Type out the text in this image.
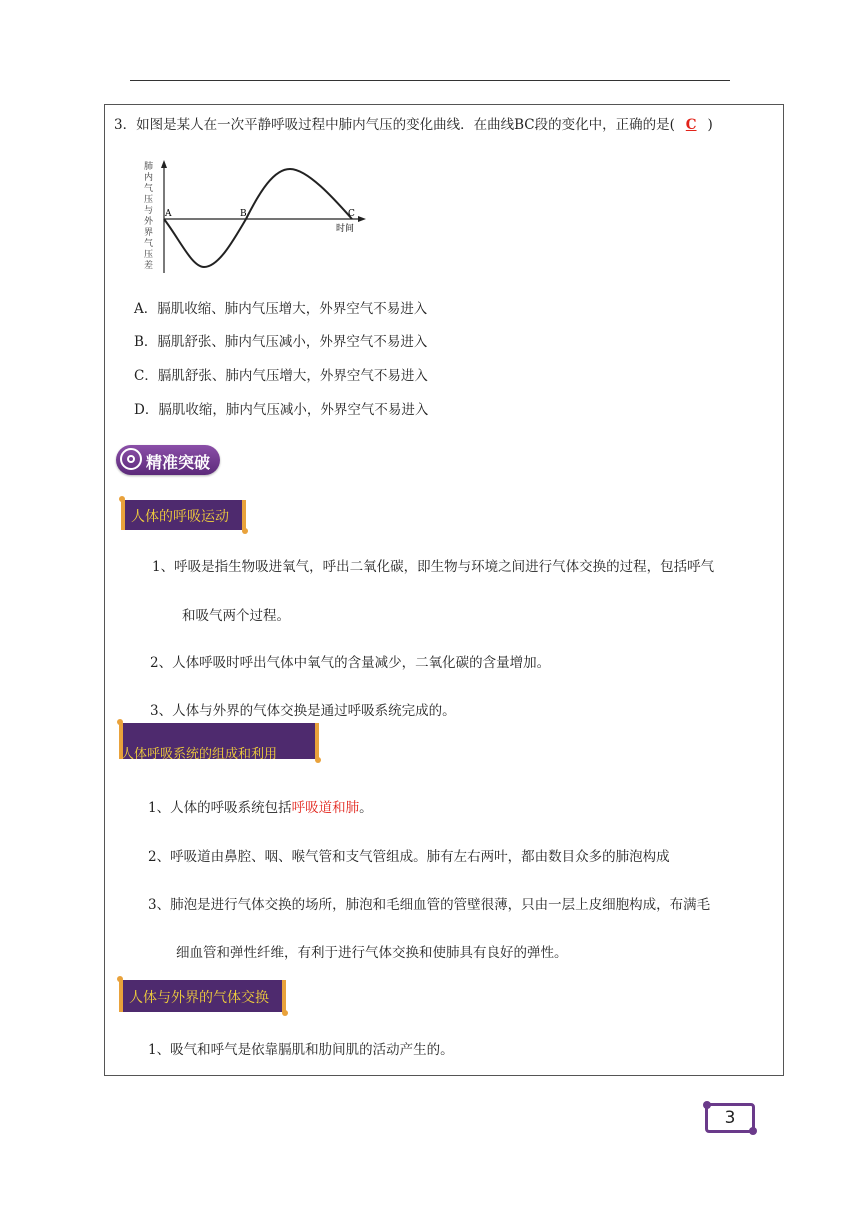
3．如图是某人在一次平静呼吸过程中肺内气压的变化曲线．在曲线BC段的变化中，正确的是( C )
肺内气压与外界气压差
A	B	C
时间
A．膈肌收缩、肺内气压增大，外界空气不易进入
B．膈肌舒张、肺内气压减小，外界空气不易进入
C．膈肌舒张、肺内气压增大，外界空气不易进入
D．膈肌收缩，肺内气压减小，外界空气不易进入
精准突破
人体的呼吸运动
1、呼吸是指生物吸进氧气，呼出二氧化碳，即生物与环境之间进行气体交换的过程，包括呼气
和吸气两个过程。
2、人体呼吸时呼出气体中氧气的含量减少，二氧化碳的含量增加。
3、人体与外界的气体交换是通过呼吸系统完成的。
人体呼吸系统的组成和利用
1、人体的呼吸系统包括呼吸道和肺。
2、呼吸道由鼻腔、咽、喉气管和支气管组成。肺有左右两叶，都由数目众多的肺泡构成
3、肺泡是进行气体交换的场所，肺泡和毛细血管的管壁很薄，只由一层上皮细胞构成，布满毛
细血管和弹性纤维，有利于进行气体交换和使肺具有良好的弹性。
人体与外界的气体交换
1、吸气和呼气是依靠膈肌和肋间肌的活动产生的。
3
